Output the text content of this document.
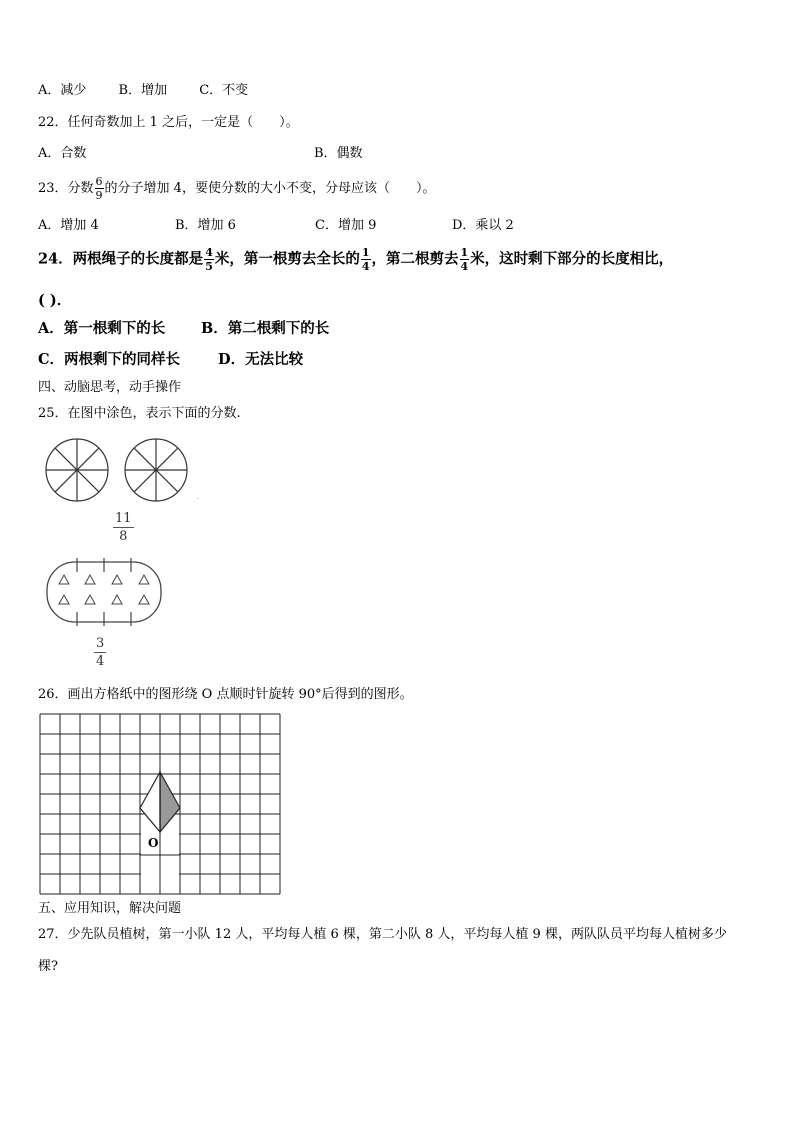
A．减少 B．增加 C．不变
22．任何奇数加上 1 之后，一定是（　　）。
A．合数	B．偶数
23．分数 $\frac{6}{9}$ 的分子增加 4，要使分数的大小不变，分母应该（　　）。
A．增加 4	B．增加 6	C．增加 9	D．乘以 2
24．两根绳子的长度都是 $\frac{4}{5}$ 米，第一根剪去全长的 $\frac{1}{4}$ ，第二根剪去 $\frac{1}{4}$ 米，这时剩下部分的长度相比，
( )．
A．第一根剩下的长 B．第二根剩下的长
C．两根剩下的同样长	D．无法比较
四、动脑思考，动手操作
25．在图中涂色，表示下面的分数.
$\frac{11}{8}$
$\frac{3}{4}$
26．画出方格纸中的图形绕 O 点顺时针旋转 90°后得到的图形。
O
五、应用知识，解决问题
27．少先队员植树，第一小队 12 人，平均每人植 6 棵，第二小队 8 人，平均每人植 9 棵，两队队员平均每人植树多少
棵?
